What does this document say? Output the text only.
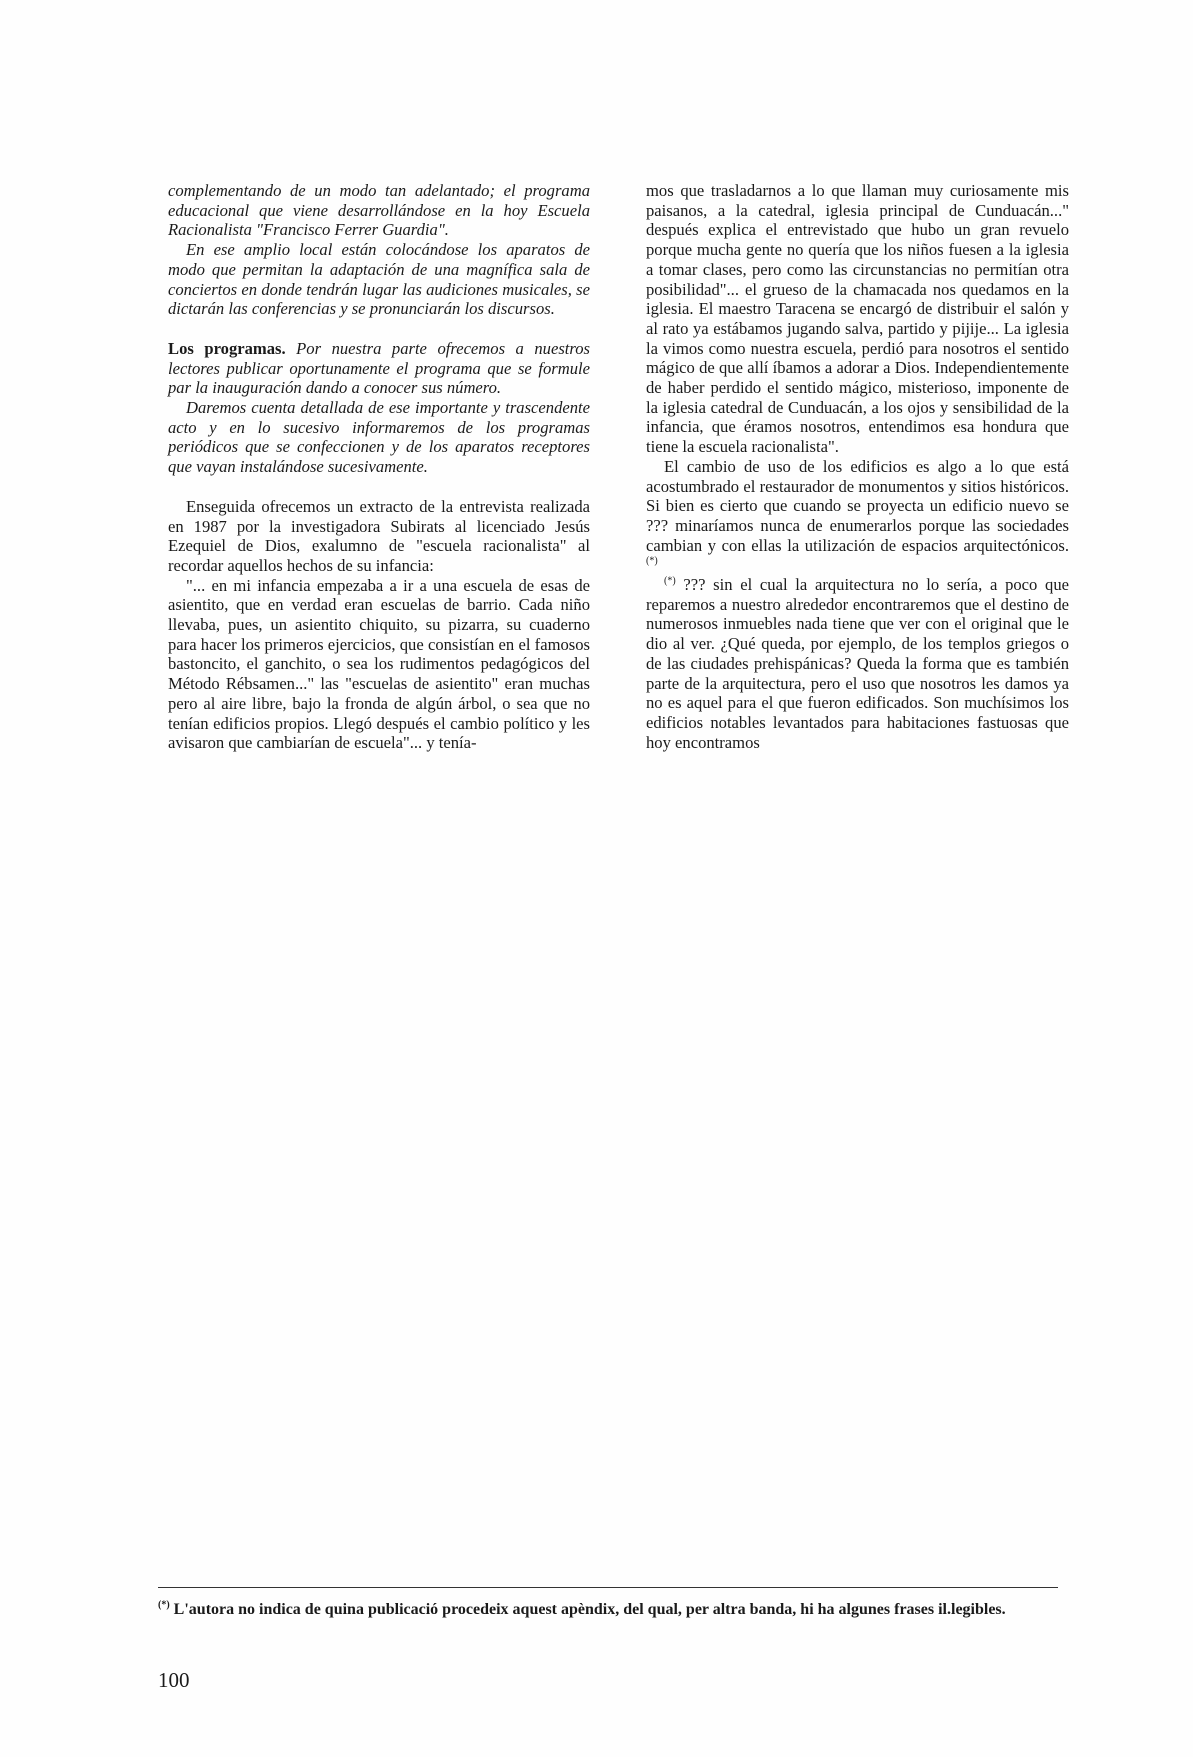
complementando de un modo tan adelantado; el programa educacional que viene desarrollándose en la hoy Escuela Racionalista "Francisco Ferrer Guardia".

En ese amplio local están colocándose los aparatos de modo que permitan la adaptación de una magnífica sala de conciertos en donde tendrán lugar las audiciones musicales, se dictarán las conferencias y se pronunciarán los discursos.

Los programas. Por nuestra parte ofrecemos a nuestros lectores publicar oportunamente el programa que se formule par la inauguración dando a conocer sus número.

Daremos cuenta detallada de ese importante y trascendente acto y en lo sucesivo informaremos de los programas periódicos que se confeccionen y de los aparatos receptores que vayan instalándose sucesivamente.

Enseguida ofrecemos un extracto de la entrevista realizada en 1987 por la investigadora Subirats al licenciado Jesús Ezequiel de Dios, exalumno de "escuela racionalista" al recordar aquellos hechos de su infancia:

"... en mi infancia empezaba a ir a una escuela de esas de asientito, que en verdad eran escuelas de barrio. Cada niño llevaba, pues, un asientito chiquito, su pizarra, su cuaderno para hacer los primeros ejercicios, que consistían en el famosos bastoncito, el ganchito, o sea los rudimentos pedagógicos del Método Rébsamen..." las "escuelas de asientito" eran muchas pero al aire libre, bajo la fronda de algún árbol, o sea que no tenían edificios propios. Llegó después el cambio político y les avisaron que cambiarían de escuela"... y tenía-

mos que trasladarnos a lo que llaman muy curiosamente mis paisanos, a la catedral, iglesia principal de Cunduacán..." después explica el entrevistado que hubo un gran revuelo porque mucha gente no quería que los niños fuesen a la iglesia a tomar clases, pero como las circunstancias no permitían otra posibilidad"... el grueso de la chamacada nos quedamos en la iglesia. El maestro Taracena se encargó de distribuir el salón y al rato ya estábamos jugando salva, partido y pijije... La iglesia la vimos como nuestra escuela, perdió para nosotros el sentido mágico de que allí íbamos a adorar a Dios. Independientemente de haber perdido el sentido mágico, misterioso, imponente de la iglesia catedral de Cunduacán, a los ojos y sensibilidad de la infancia, que éramos nosotros, entendimos esa hondura que tiene la escuela racionalista".

El cambio de uso de los edificios es algo a lo que está acostumbrado el restaurador de monumentos y sitios históricos. Si bien es cierto que cuando se proyecta un edificio nuevo se ??? minaríamos nunca de enumerarlos porque las sociedades cambian y con ellas la utilización de espacios arquitectónicos.(*)

(*) ??? sin el cual la arquitectura no lo sería, a poco que reparemos a nuestro alrededor encontraremos que el destino de numerosos inmuebles nada tiene que ver con el original que le dio al ver. ¿Qué queda, por ejemplo, de los templos griegos o de las ciudades prehispánicas? Queda la forma que es también parte de la arquitectura, pero el uso que nosotros les damos ya no es aquel para el que fueron edificados. Son muchísimos los edificios notables levantados para habitaciones fastuosas que hoy encontramos

(*) L'autora no indica de quina publicació procedeix aquest apèndix, del qual, per altra banda, hi ha algunes frases il.legibles.
100
